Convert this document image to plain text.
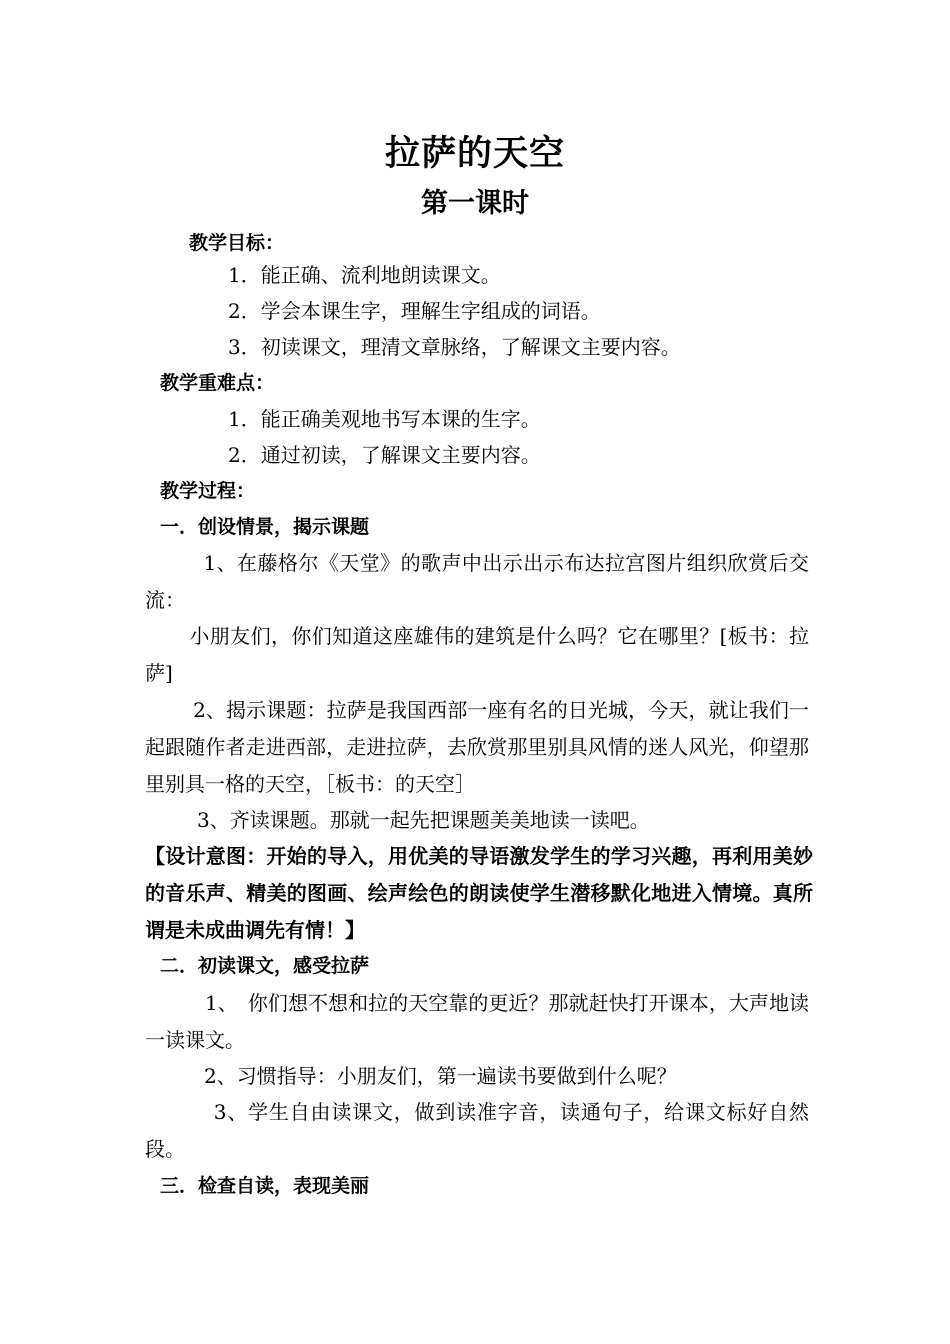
拉萨的天空
第一课时

教学目标：

1．能正确、流利地朗读课文。

2．学会本课生字，理解生字组成的词语。

3．初读课文，理清文章脉络，了解课文主要内容。

教学重难点：

1．能正确美观地书写本课的生字。

2．通过初读，了解课文主要内容。

教学过程：

一．创设情景，揭示课题

　1、在藤格尔《天堂》的歌声中出示出示布达拉宫图片组织欣赏后交流：

　小朋友们，你们知道这座雄伟的建筑是什么吗？它在哪里？[板书：拉萨]

　2、揭示课题：拉萨是我国西部一座有名的日光城，今天，就让我们一起跟随作者走进西部，走进拉萨，去欣赏那里别具风情的迷人风光，仰望那里别具一格的天空，［板书：的天空］

　3、齐读课题。那就一起先把课题美美地读一读吧。

【设计意图：开始的导入，用优美的导语激发学生的学习兴趣，再利用美妙的音乐声、精美的图画、绘声绘色的朗读使学生潜移默化地进入情境。真所谓是未成曲调先有情！】

二．初读课文，感受拉萨

　1、　你们想不想和拉的天空靠的更近？那就赶快打开课本，大声地读一读课文。

2、习惯指导：小朋友们，第一遍读书要做到什么呢？

　3、学生自由读课文，做到读准字音，读通句子，给课文标好自然段。

三．检查自读，表现美丽
